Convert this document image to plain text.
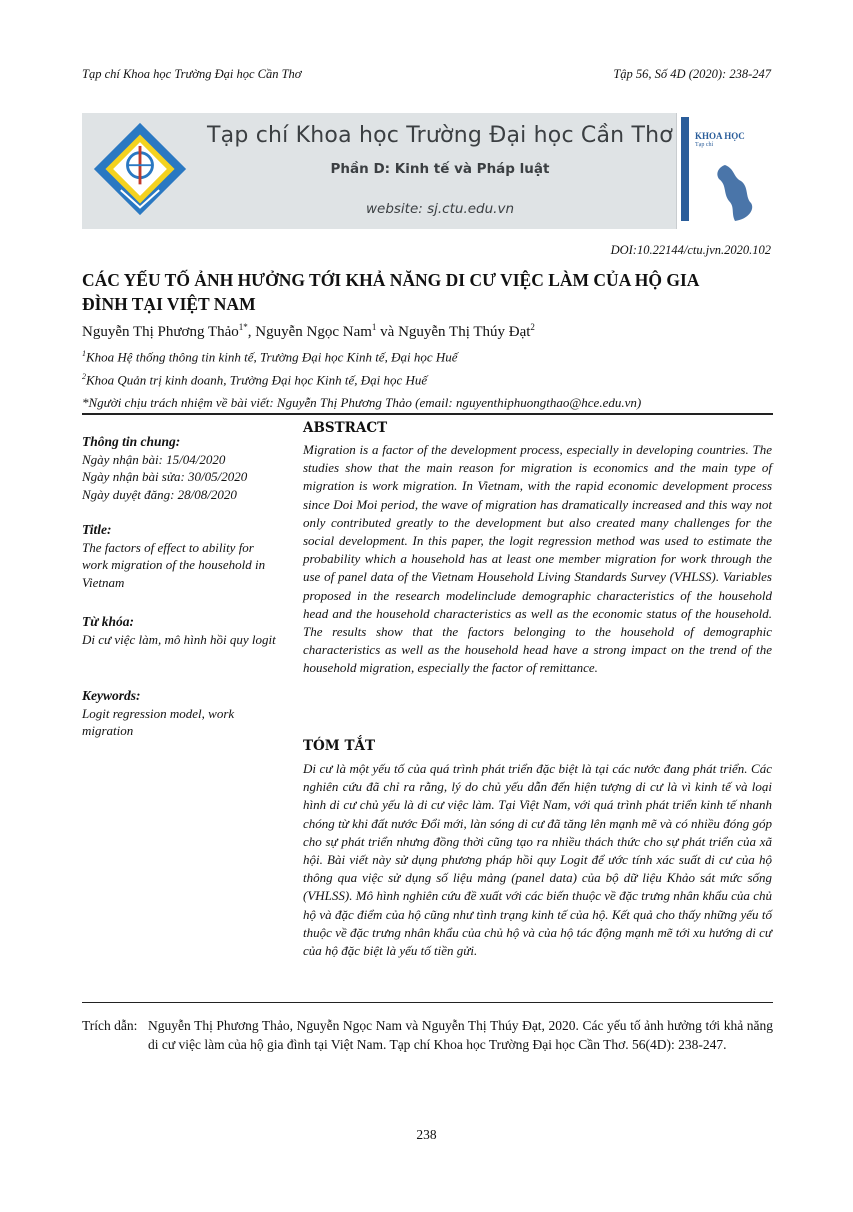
Tạp chí Khoa học Trường Đại học Cần Thơ	Tập 56, Số 4D (2020): 238-247
Tạp chí Khoa học Trường Đại học Cần Thơ
Phần D: Kinh tế và Pháp luật
website: sj.ctu.edu.vn
Tạp chí
KHOA HỌC
DOI:10.22144/ctu.jvn.2020.102
CÁC YẾU TỐ ẢNH HƯỞNG TỚI KHẢ NĂNG DI CƯ VIỆC LÀM CỦA HỘ GIA
ĐÌNH TẠI VIỆT NAM
Nguyễn Thị Phương Thảo$^{1*}$, Nguyễn Ngọc Nam$^1$ và Nguyễn Thị Thúy Đạt$^2$
$^1$Khoa Hệ thống thông tin kinh tế, Trường Đại học Kinh tế, Đại học Huế
$^2$Khoa Quản trị kinh doanh, Trường Đại học Kinh tế, Đại học Huế
*Người chịu trách nhiệm về bài viết: Nguyễn Thị Phương Thảo (email: nguyenthiphuongthao@hce.edu.vn)
Thông tin chung:

Ngày nhận bài: 15/04/2020

Ngày nhận bài sửa: 30/05/2020

Ngày duyệt đăng: 28/08/2020

Title:

The factors of effect to ability for work migration of the household in Vietnam

Từ khóa:

Di cư việc làm, mô hình hồi quy logit

Keywords:

Logit regression model, work migration

ABSTRACT
Migration is a factor of the development process, especially in developing countries. The studies show that the main reason for migration is economics and the main type of migration is work migration. In Vietnam, with the rapid economic development process since Doi Moi period, the wave of migration has dramatically increased and this way not only contributed greatly to the development but also created many challenges for the social development. In this paper, the logit regression method was used to estimate the probability which a household has at least one member migration for work through the use of panel data of the Vietnam Household Living Standards Survey (VHLSS). Variables proposed in the research modelinclude demographic characteristics of the household head and the household characteristics as well as the economic status of the household. The results show that the factors belonging to the household of demographic characteristics as well as the household head have a strong impact on the trend of the household migration, especially the factor of remittance.
TÓM TẮT
Di cư là một yếu tố của quá trình phát triển đặc biệt là tại các nước đang phát triển. Các nghiên cứu đã chỉ ra rằng, lý do chủ yếu dẫn đến hiện tượng di cư là vì kinh tế và loại hình di cư chủ yếu là di cư việc làm. Tại Việt Nam, với quá trình phát triển kinh tế nhanh chóng từ khi đất nước Đổi mới, làn sóng di cư đã tăng lên mạnh mẽ và có nhiều đóng góp cho sự phát triển nhưng đồng thời cũng tạo ra nhiều thách thức cho sự phát triển của xã hội. Bài viết này sử dụng phương pháp hồi quy Logit để ước tính xác suất di cư của hộ thông qua việc sử dụng số liệu mảng (panel data) của bộ dữ liệu Khảo sát mức sống (VHLSS). Mô hình nghiên cứu đề xuất với các biến thuộc về đặc trưng nhân khẩu của chủ hộ và đặc điểm của hộ cũng như tình trạng kinh tế của hộ. Kết quả cho thấy những yếu tố thuộc về đặc trưng nhân khẩu của chủ hộ và của hộ tác động mạnh mẽ tới xu hướng di cư của hộ đặc biệt là yếu tố tiền gửi.
Trích dẫn: Nguyễn Thị Phương Thảo, Nguyễn Ngọc Nam và Nguyễn Thị Thúy Đạt, 2020. Các yếu tố ảnh hưởng tới khả năng di cư việc làm của hộ gia đình tại Việt Nam. Tạp chí Khoa học Trường Đại học Cần Thơ. 56(4D): 238-247.
238
